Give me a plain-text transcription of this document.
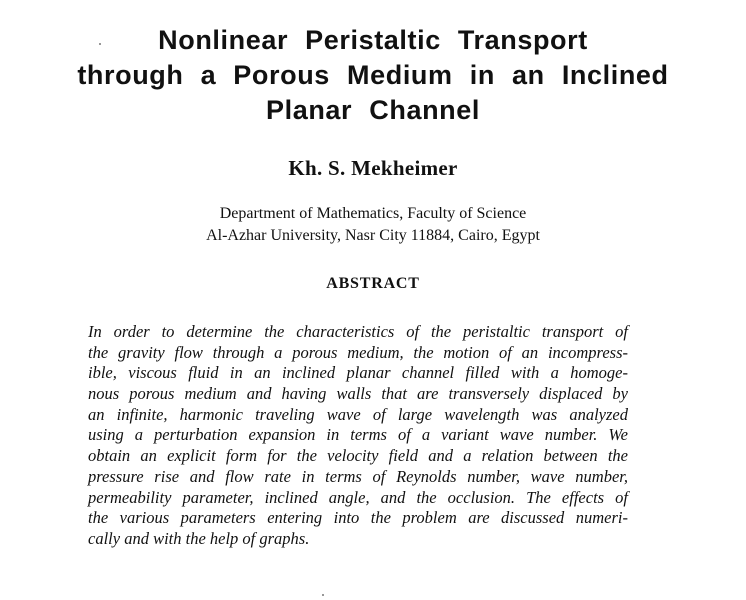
Nonlinear Peristaltic Transport
through a Porous Medium in an Inclined
Planar Channel
Kh. S. Mekheimer
Department of Mathematics, Faculty of Science
Al-Azhar University, Nasr City 11884, Cairo, Egypt
ABSTRACT
In order to determine the characteristics of the peristaltic transport of
the gravity flow through a porous medium, the motion of an incompress-
ible, viscous fluid in an inclined planar channel filled with a homoge-
nous porous medium and having walls that are transversely displaced by
an infinite, harmonic traveling wave of large wavelength was analyzed
using a perturbation expansion in terms of a variant wave number. We
obtain an explicit form for the velocity field and a relation between the
pressure rise and flow rate in terms of Reynolds number, wave number,
permeability parameter, inclined angle, and the occlusion. The effects of
the various parameters entering into the problem are discussed numeri-
cally and with the help of graphs.
